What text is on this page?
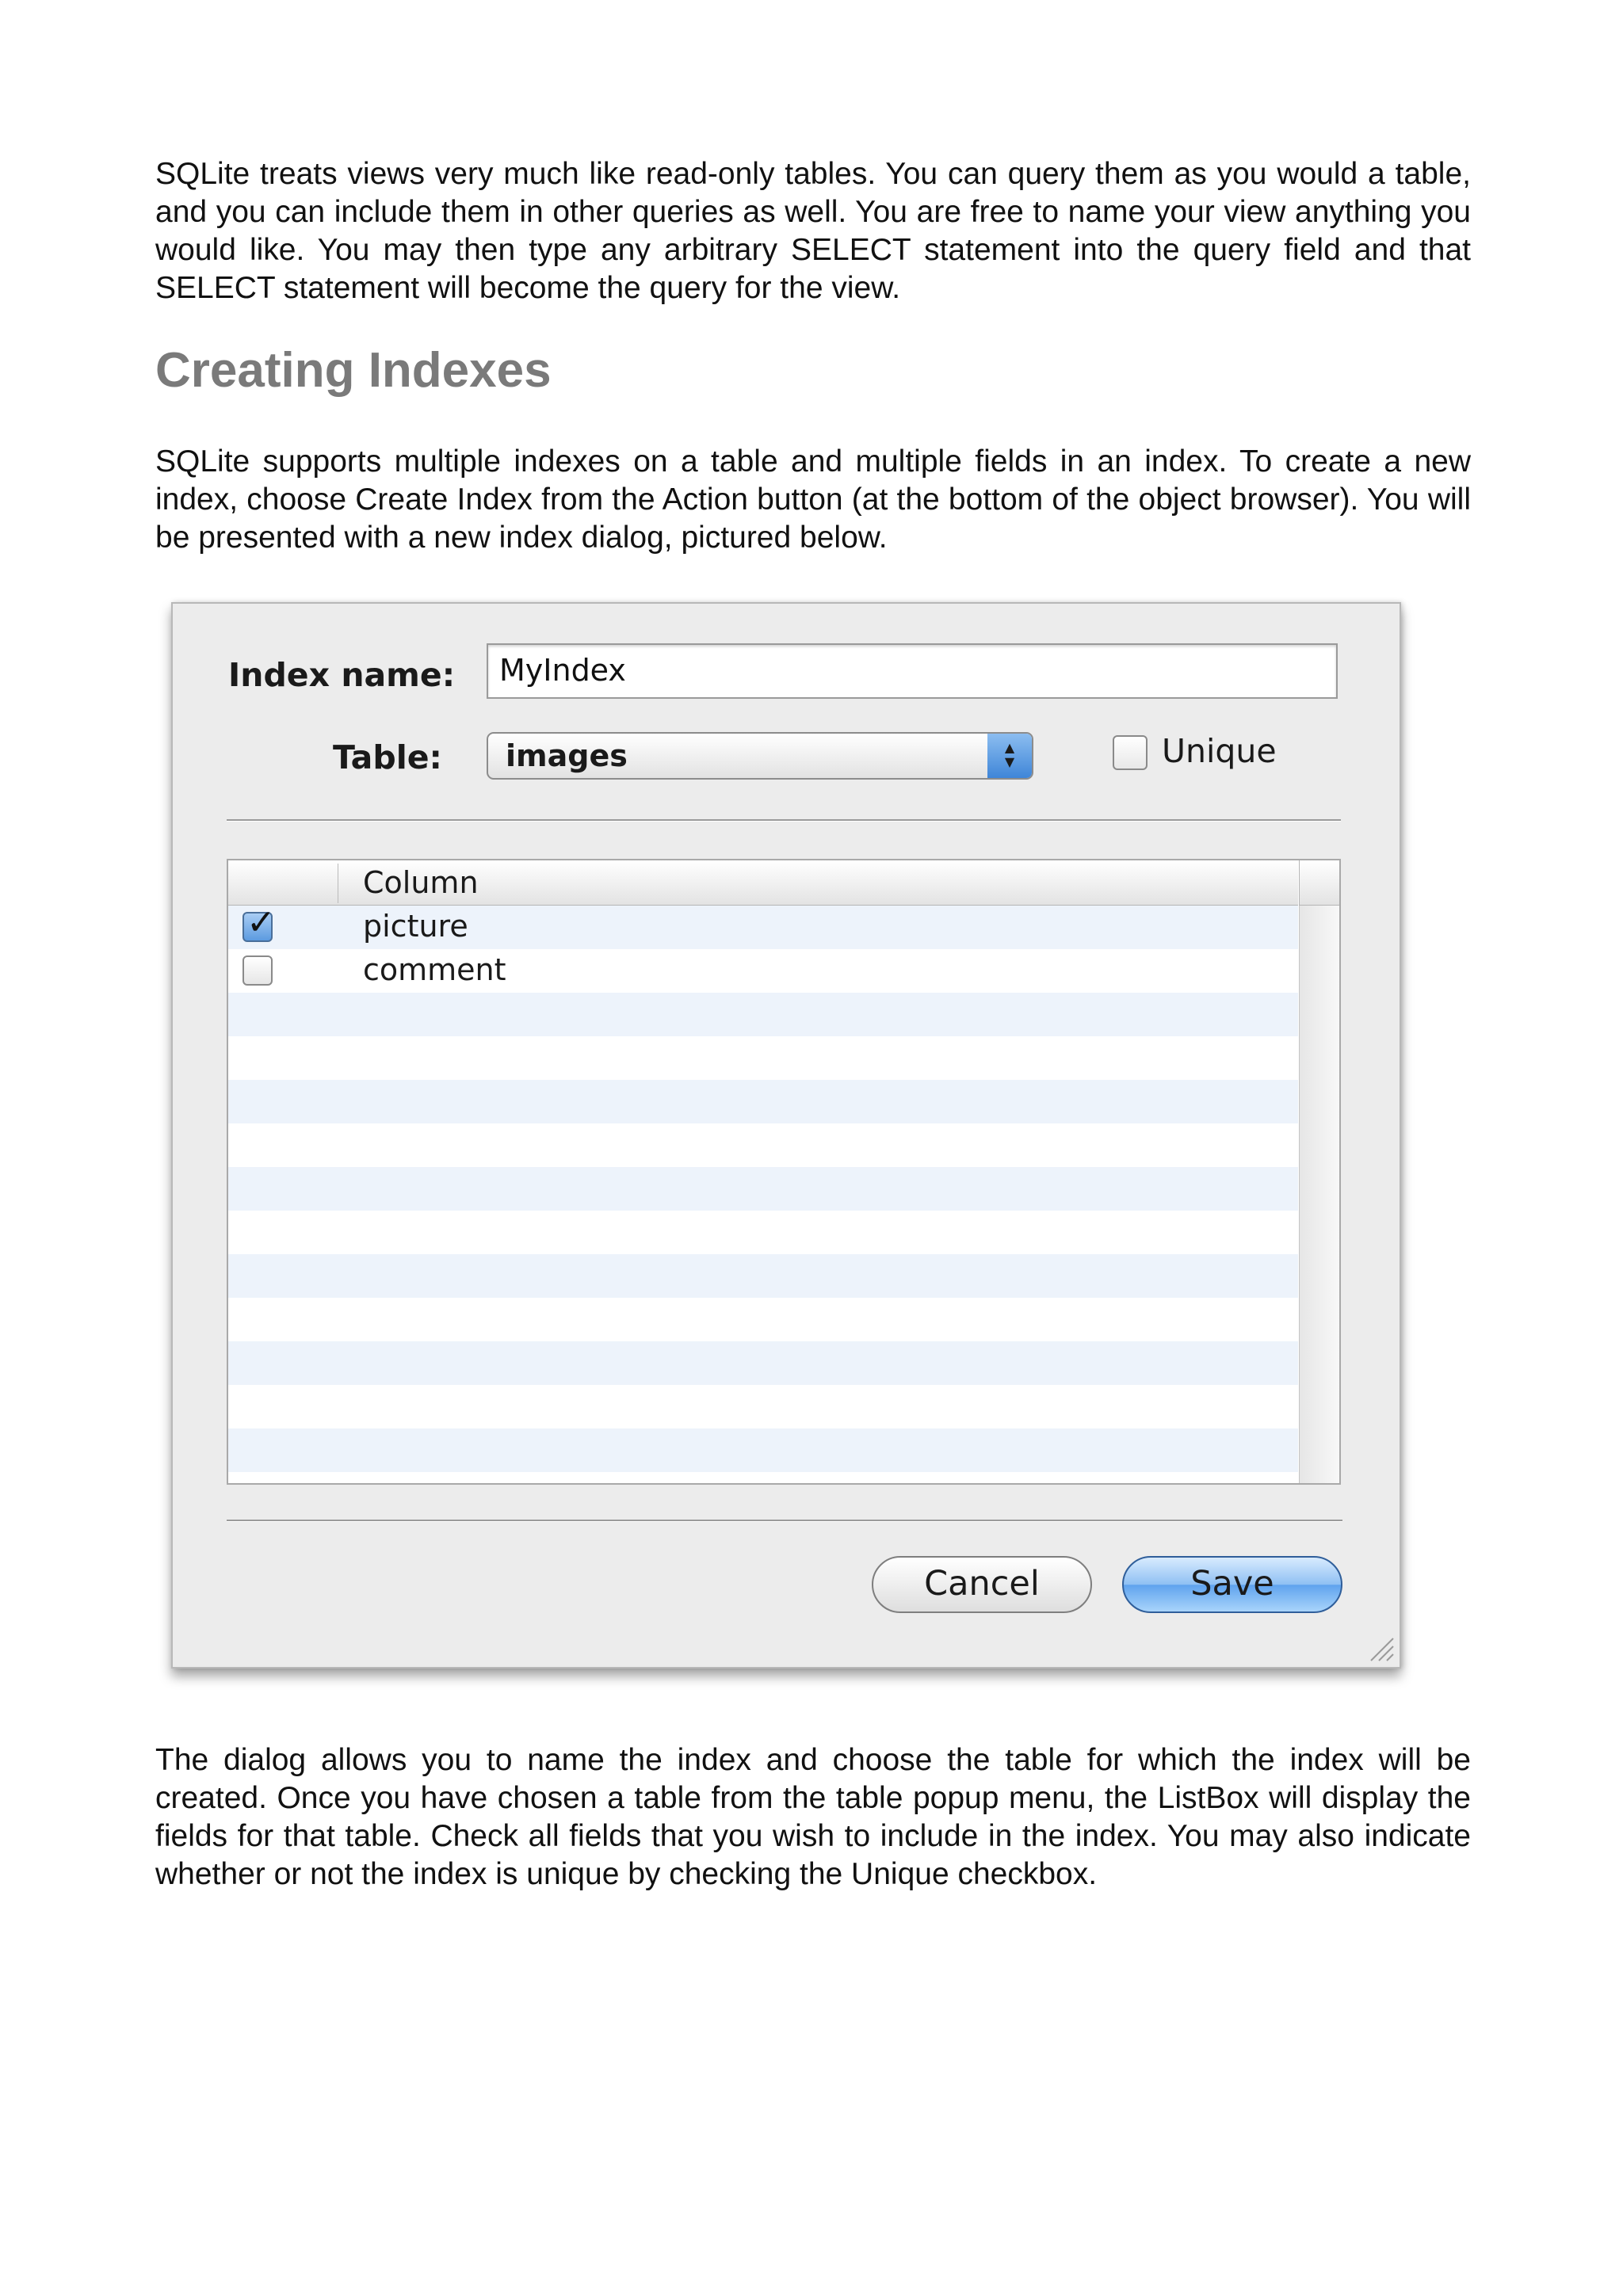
SQLite treats views very much like read-only tables. You can query them as you would a table, and you can include them in other queries as well. You are free to name your view anything you would like. You may then type any arbitrary SELECT statement into the query field and that SELECT statement will become the query for the view.

Creating Indexes

SQLite supports multiple indexes on a table and multiple fields in an index. To create a new index, choose Create Index from the Action button (at the bottom of the object browser). You will be presented with a new index dialog, pictured below.

Index name:	MyIndex
Table: images	▲
▼	Unique
Column
✓	picture
comment
Cancel	Save

The dialog allows you to name the index and choose the table for which the index will be created. Once you have chosen a table from the table popup menu, the ListBox will display the fields for that table. Check all fields that you wish to include in the index. You may also indicate whether or not the index is unique by checking the Unique checkbox.
